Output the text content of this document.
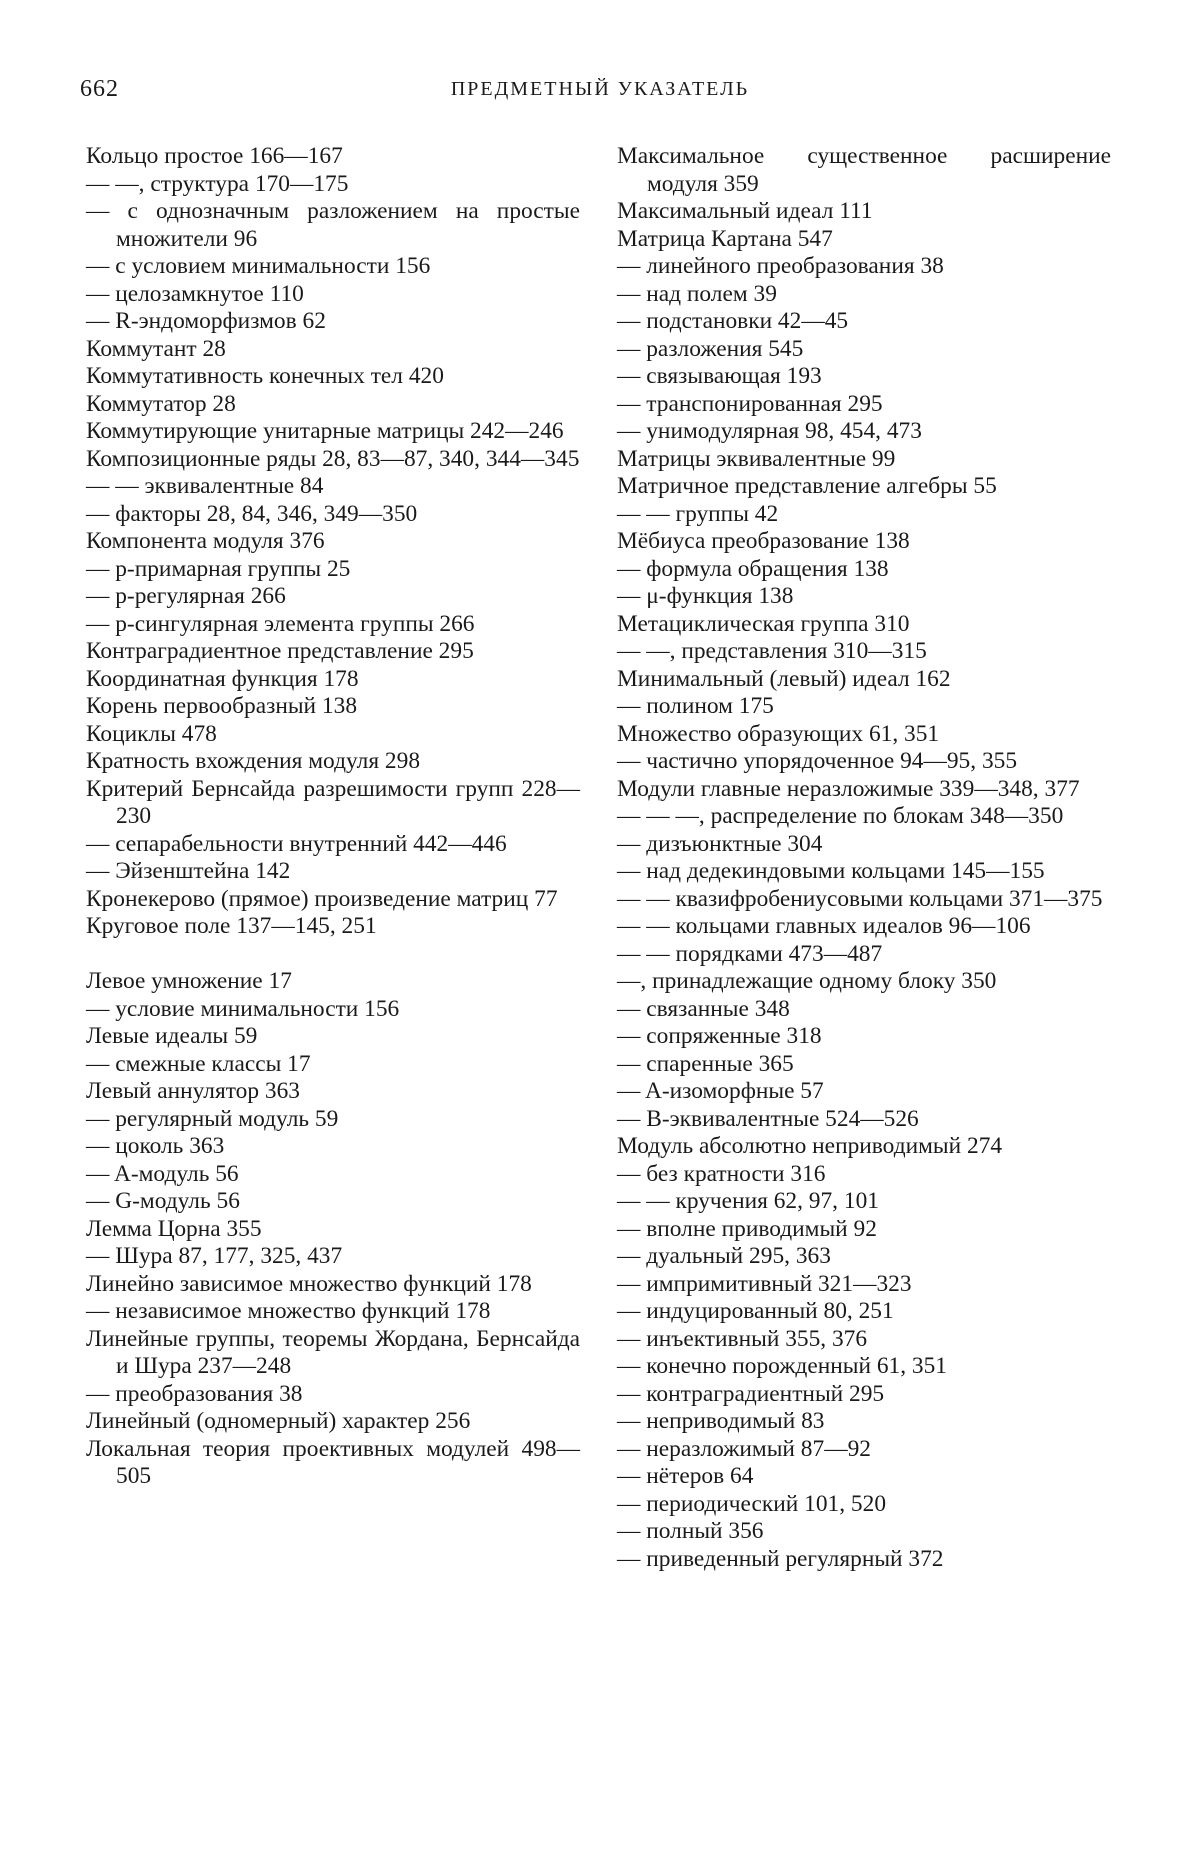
662	ПРЕДМЕТНЫЙ УКАЗАТЕЛЬ
Кольцо простое 166—167
— —, структура 170—175
— с однозначным разложением на простые множители 96
— с условием минимальности 156
— целозамкнутое 110
— R-эндоморфизмов 62
Коммутант 28
Коммутативность конечных тел 420
Коммутатор 28
Коммутирующие унитарные матрицы 242—246
Композиционные ряды 28, 83—87, 340, 344—345
— — эквивалентные 84
— факторы 28, 84, 346, 349—350
Компонента модуля 376
— p-примарная группы 25
— p-регулярная 266
— p-сингулярная элемента группы 266
Контраградиентное представление 295
Координатная функция 178
Корень первообразный 138
Коциклы 478
Кратность вхождения модуля 298
Критерий Бернсайда разрешимости групп 228—230
— сепарабельности внутренний 442—446
— Эйзенштейна 142
Кронекерово (прямое) произведение матриц 77
Круговое поле 137—145, 251
Левое умножение 17
— условие минимальности 156
Левые идеалы 59
— смежные классы 17
Левый аннулятор 363
— регулярный модуль 59
— цоколь 363
— A-модуль 56
— G-модуль 56
Лемма Цорна 355
— Шура 87, 177, 325, 437
Линейно зависимое множество функций 178
— независимое множество функций 178
Линейные группы, теоремы Жордана, Бернсайда и Шура 237—248
— преобразования 38
Линейный (одномерный) характер 256
Локальная теория проективных модулей 498—505
Максимальное существенное расширение модуля 359
Максимальный идеал 111
Матрица Картана 547
— линейного преобразования 38
— над полем 39
— подстановки 42—45
— разложения 545
— связывающая 193
— транспонированная 295
— унимодулярная 98, 454, 473
Матрицы эквивалентные 99
Матричное представление алгебры 55
— — группы 42
Мёбиуса преобразование 138
— формула обращения 138
— μ-функция 138
Метациклическая группа 310
— —, представления 310—315
Минимальный (левый) идеал 162
— полином 175
Множество образующих 61, 351
— частично упорядоченное 94—95, 355
Модули главные неразложимые 339—348, 377
— — —, распределение по блокам 348—350
— дизъюнктные 304
— над дедекиндовыми кольцами 145—155
— — квазифробениусовыми кольцами 371—375
— — кольцами главных идеалов 96—106
— — порядками 473—487
—, принадлежащие одному блоку 350
— связанные 348
— сопряженные 318
— спаренные 365
— A-изоморфные 57
— B-эквивалентные 524—526
Модуль абсолютно неприводимый 274
— без кратности 316
— — кручения 62, 97, 101
— вполне приводимый 92
— дуальный 295, 363
— импримитивный 321—323
— индуцированный 80, 251
— инъективный 355, 376
— конечно порожденный 61, 351
— контраградиентный 295
— неприводимый 83
— неразложимый 87—92
— нётеров 64
— периодический 101, 520
— полный 356
— приведенный регулярный 372
